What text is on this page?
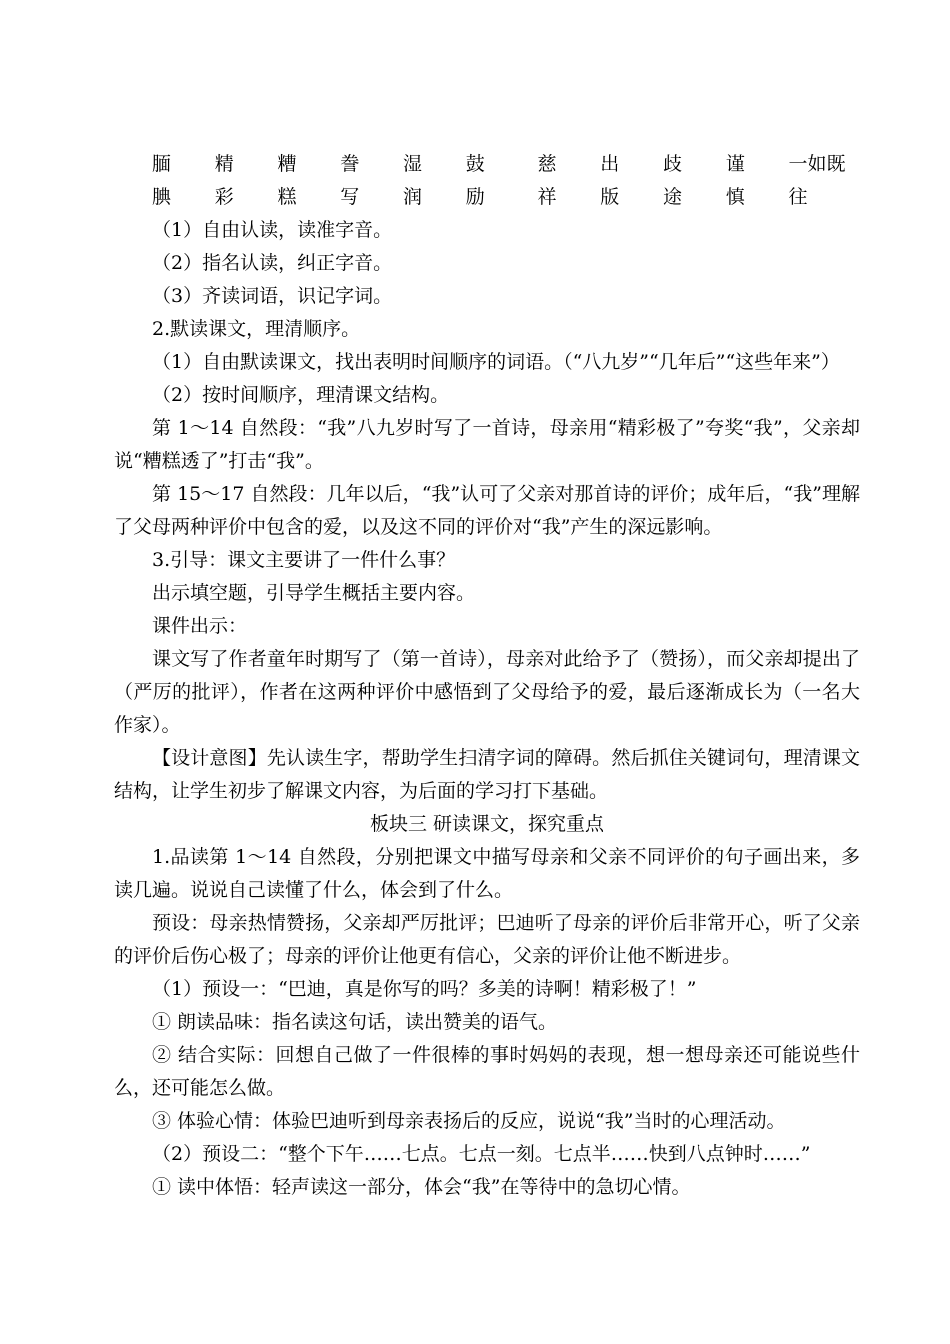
腼腆
精彩
糟糕
誊写
湿润
鼓励
慈祥
出版
歧途
谨慎
一如既往

（1）自由认读，读准字音。

（2）指名认读，纠正字音。

（3）齐读词语，识记字词。

2.默读课文，理清顺序。

（1）自由默读课文，找出表明时间顺序的词语。（“八九岁”“几年后”“这些年来”）

（2）按时间顺序，理清课文结构。

第 1～14 自然段：“我”八九岁时写了一首诗，母亲用“精彩极了”夸奖“我”，父亲却说“糟糕透了”打击“我”。

第 15～17 自然段：几年以后，“我”认可了父亲对那首诗的评价；成年后，“我”理解了父母两种评价中包含的爱，以及这不同的评价对“我”产生的深远影响。

3.引导：课文主要讲了一件什么事？

出示填空题，引导学生概括主要内容。

课件出示：

课文写了作者童年时期写了（第一首诗），母亲对此给予了（赞扬），而父亲却提出了（严厉的批评），作者在这两种评价中感悟到了父母给予的爱，最后逐渐成长为（一名大作家）。

【设计意图】先认读生字，帮助学生扫清字词的障碍。然后抓住关键词句，理清课文结构，让学生初步了解课文内容，为后面的学习打下基础。

板块三 研读课文，探究重点

1.品读第 1～14 自然段，分别把课文中描写母亲和父亲不同评价的句子画出来，多读几遍。说说自己读懂了什么，体会到了什么。

预设：母亲热情赞扬，父亲却严厉批评；巴迪听了母亲的评价后非常开心，听了父亲的评价后伤心极了；母亲的评价让他更有信心，父亲的评价让他不断进步。

（1）预设一：“巴迪，真是你写的吗？多美的诗啊！精彩极了！”

① 朗读品味：指名读这句话，读出赞美的语气。

② 结合实际：回想自己做了一件很棒的事时妈妈的表现，想一想母亲还可能说些什么，还可能怎么做。

③ 体验心情：体验巴迪听到母亲表扬后的反应，说说“我”当时的心理活动。

（2）预设二：“整个下午……七点。七点一刻。七点半……快到八点钟时……”

① 读中体悟：轻声读这一部分，体会“我”在等待中的急切心情。
